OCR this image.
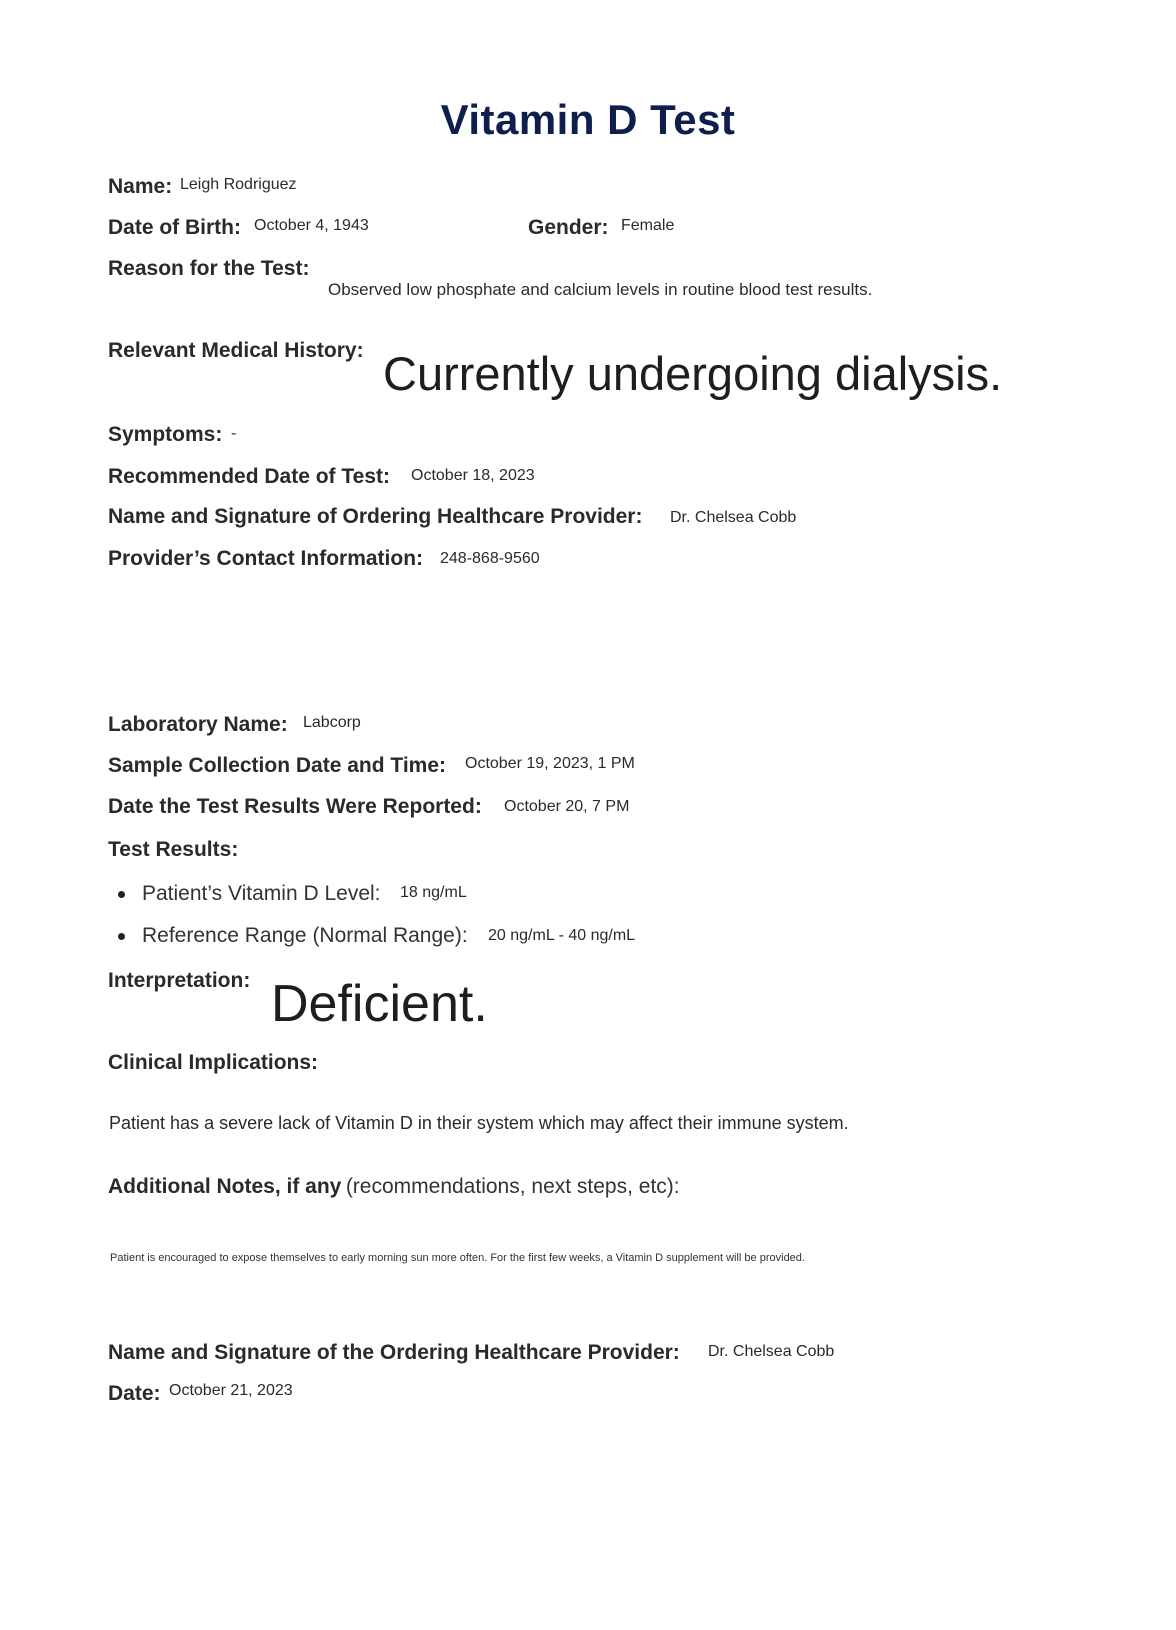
Vitamin D Test
Name: Leigh Rodriguez
Date of Birth: October 4, 1943	Gender: Female
Reason for the Test:
Observed low phosphate and calcium levels in routine blood test results.
Relevant Medical History: Currently undergoing dialysis.
Symptoms: -
Recommended Date of Test: October 18, 2023
Name and Signature of Ordering Healthcare Provider: Dr. Chelsea Cobb
Provider’s Contact Information: 248-868-9560
Laboratory Name: Labcorp
Sample Collection Date and Time: October 19, 2023, 1 PM
Date the Test Results Were Reported: October 20, 7 PM
Test Results:
Patient’s Vitamin D Level: 18 ng/mL
Reference Range (Normal Range): 20 ng/mL - 40 ng/mL
Interpretation: Deficient.
Clinical Implications:
Patient has a severe lack of Vitamin D in their system which may affect their immune system.
Additional Notes, if any (recommendations, next steps, etc):
Patient is encouraged to expose themselves to early morning sun more often. For the first few weeks, a Vitamin D supplement will be provided.
Name and Signature of the Ordering Healthcare Provider: Dr. Chelsea Cobb
Date: October 21, 2023
